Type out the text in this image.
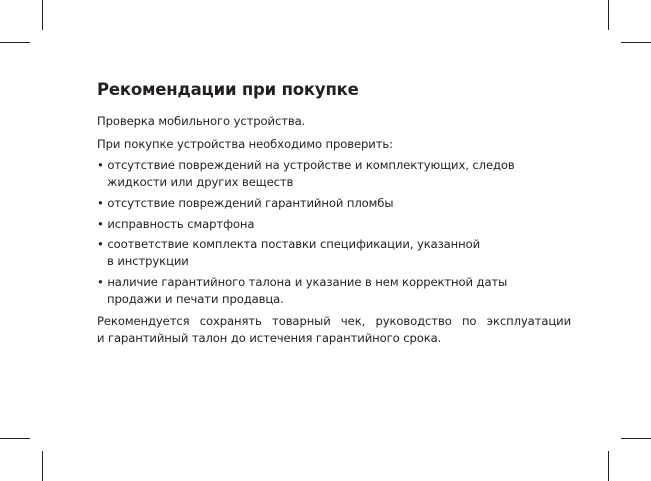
Рекомендации при покупке
Проверка мобильного устройства.
При покупке устройства необходимо проверить:
• отсутствие повреждений на устройстве и комплектующих, следов
жидкости или других веществ
• отсутствие повреждений гарантийной пломбы
• исправность смартфона
• соответствие комплекта поставки спецификации, указанной
в инструкции
• наличие гарантийного талона и указание в нем корректной даты
продажи и печати продавца.
Рекомендуется сохранять товарный чек, руководство по эксплуатации
и гарантийный талон до истечения гарантийного срока.
